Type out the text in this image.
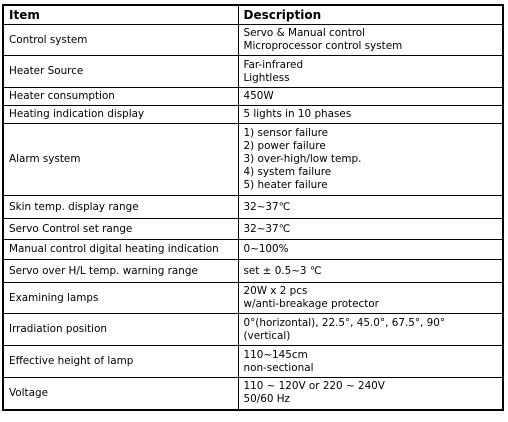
Item	Description
Control system	Servo & Manual control
Microprocessor control system

Heater Source	Far-infrared
Lightless

Heater consumption	450W

Heating indication display	5 lights in 10 phases

Alarm system	1) sensor failure
2) power failure
3) over-high/low temp.
4) system failure
5) heater failure

Skin temp. display range	32~37℃

Servo Control set range	32~37℃

Manual control digital heating indication	0~100%

Servo over H/L temp. warning range	set ± 0.5~3 ℃

Examining lamps	20W x 2 pcs
w/anti-breakage protector

Irradiation position	0°(horizontal), 22.5°, 45.0°, 67.5°, 90°
(vertical)

Effective height of lamp	110~145cm
non-sectional

Voltage	110 ~ 120V or 220 ~ 240V
50/60 Hz
